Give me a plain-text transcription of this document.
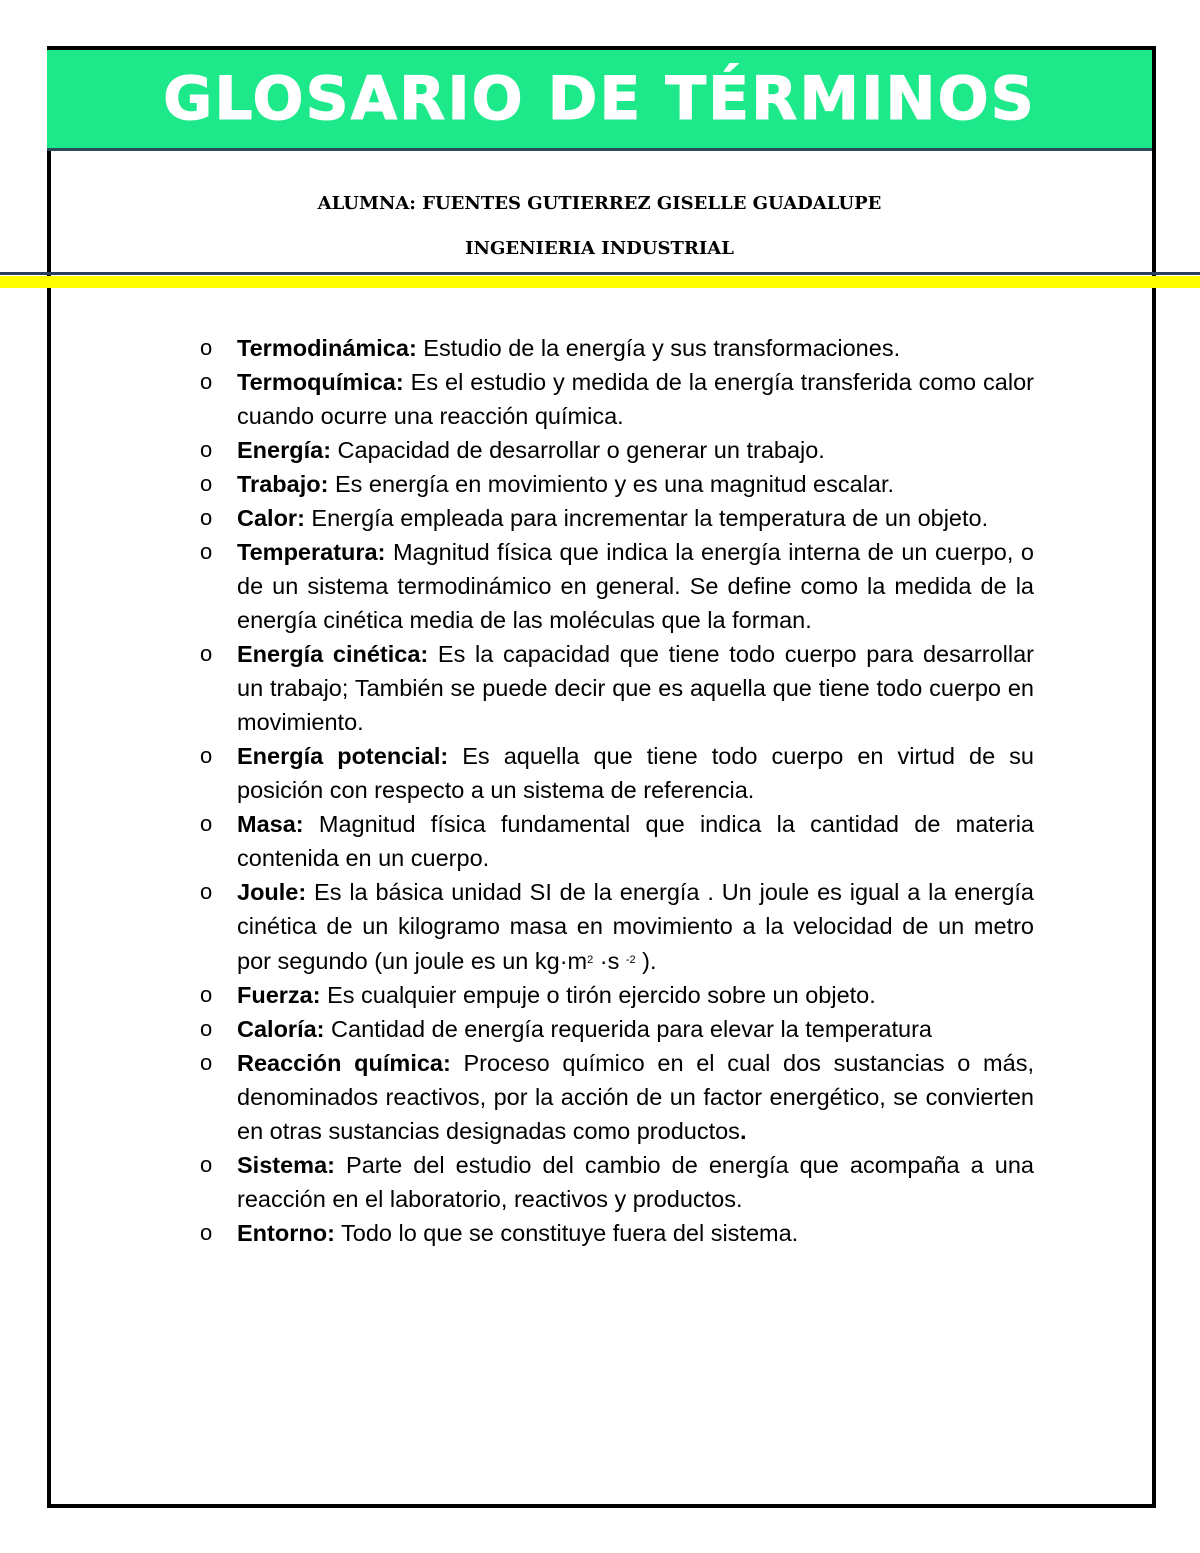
GLOSARIO DE TÉRMINOS
ALUMNA: FUENTES GUTIERREZ GISELLE GUADALUPE
INGENIERIA INDUSTRIAL
o Termodinámica: Estudio de la energía y sus transformaciones.
o Termoquímica: Es el estudio y medida de la energía transferida como calor cuando ocurre una reacción química.
o Energía: Capacidad de desarrollar o generar un trabajo.
o Trabajo: Es energía en movimiento y es una magnitud escalar.
o Calor: Energía empleada para incrementar la temperatura de un objeto.
o Temperatura: Magnitud física que indica la energía interna de un cuerpo, o de un sistema termodinámico en general. Se define como la medida de la energía cinética media de las moléculas que la forman.
o Energía cinética: Es la capacidad que tiene todo cuerpo para desarrollar un trabajo; También se puede decir que es aquella que tiene todo cuerpo en movimiento.
o Energía potencial: Es aquella que tiene todo cuerpo en virtud de su posición con respecto a un sistema de referencia.
o Masa: Magnitud física fundamental que indica la cantidad de materia contenida en un cuerpo.
o Joule: Es la básica unidad SI de la energía . Un joule es igual a la energía cinética de un kilogramo masa en movimiento a la velocidad de un metro por segundo (un joule es un $kg\cdot m^2 \cdot s$ $^{-2}$ ).
o Fuerza: Es cualquier empuje o tirón ejercido sobre un objeto.
o Caloría: Cantidad de energía requerida para elevar la temperatura
o Reacción química: Proceso químico en el cual dos sustancias o más, denominados reactivos, por la acción de un factor energético, se convierten en otras sustancias designadas como productos.
o Sistema: Parte del estudio del cambio de energía que acompaña a una reacción en el laboratorio, reactivos y productos.
o Entorno: Todo lo que se constituye fuera del sistema.
